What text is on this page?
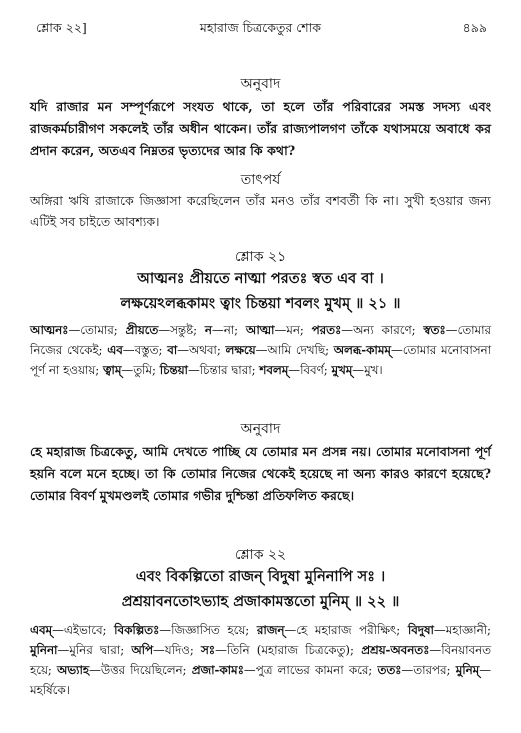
শ্লোক ২২]	মহারাজ চিত্রকেতুর শোক	৪৯৯
অনুবাদ
যদি রাজার মন সম্পূর্ণরূপে সংযত থাকে, তা হলে তাঁর পরিবারের সমস্ত সদস্য এবং রাজকর্মচারীগণ সকলেই তাঁর অধীন থাকেন। তাঁর রাজ্যপালগণ তাঁকে যথাসময়ে অবাধে কর প্রদান করেন, অতএব নিম্নতর ভৃত্যদের আর কি কথা?
তাৎপর্য
অঙ্গিরা ঋষি রাজাকে জিজ্ঞাসা করেছিলেন তাঁর মনও তাঁর বশবর্তী কি না। সুখী হওয়ার জন্য এটিই সব চাইতে আবশ্যক।
শ্লোক ২১
আত্মনঃ প্রীয়তে নাত্মা পরতঃ স্বত এব বা ।
লক্ষয়েঽলব্ধকামং ত্বাং চিন্তয়া শবলং মুখম্ ॥ ২১ ॥
আত্মনঃ—তোমার; প্রীয়তে—সন্তুষ্ট; ন—না; আত্মা—মন; পরতঃ—অন্য কারণে; স্বতঃ—তোমার নিজের থেকেই; এব—বস্তুত; বা—অথবা; লক্ষয়ে—আমি দেখছি; অলব্ধ-কামম্—তোমার মনোবাসনা পূর্ণ না হওয়ায়; ত্বাম্—তুমি; চিন্তয়া—চিন্তার দ্বারা; শবলম্—বিবর্ণ; মুখম্—মুখ।
অনুবাদ
হে মহারাজ চিত্রকেতু, আমি দেখতে পাচ্ছি যে তোমার মন প্রসন্ন নয়। তোমার মনোবাসনা পূর্ণ হয়নি বলে মনে হচ্ছে। তা কি তোমার নিজের থেকেই হয়েছে না অন্য কারও কারণে হয়েছে? তোমার বিবর্ণ মুখমণ্ডলই তোমার গভীর দুশ্চিন্তা প্রতিফলিত করছে।
শ্লোক ২২
এবং বিকল্পিতো রাজন্ বিদুষা মুনিনাপি সঃ ।
প্রশ্রয়াবনতোঽভ্যাহ প্রজাকামস্ততো মুনিম্ ॥ ২২ ॥
এবম্—এইভাবে; বিকল্পিতঃ—জিজ্ঞাসিত হয়ে; রাজন্—হে মহারাজ পরীক্ষিৎ; বিদুষা—মহাজ্ঞানী; মুনিনা—মুনির দ্বারা; অপি—যদিও; সঃ—তিনি (মহারাজ চিত্রকেতু); প্রশ্রয়-অবনতঃ—বিনয়াবনত হয়ে; অভ্যাহ—উত্তর দিয়েছিলেন; প্রজা-কামঃ—পুত্র লাভের কামনা করে; ততঃ—তারপর; মুনিম্—মহর্ষিকে।
